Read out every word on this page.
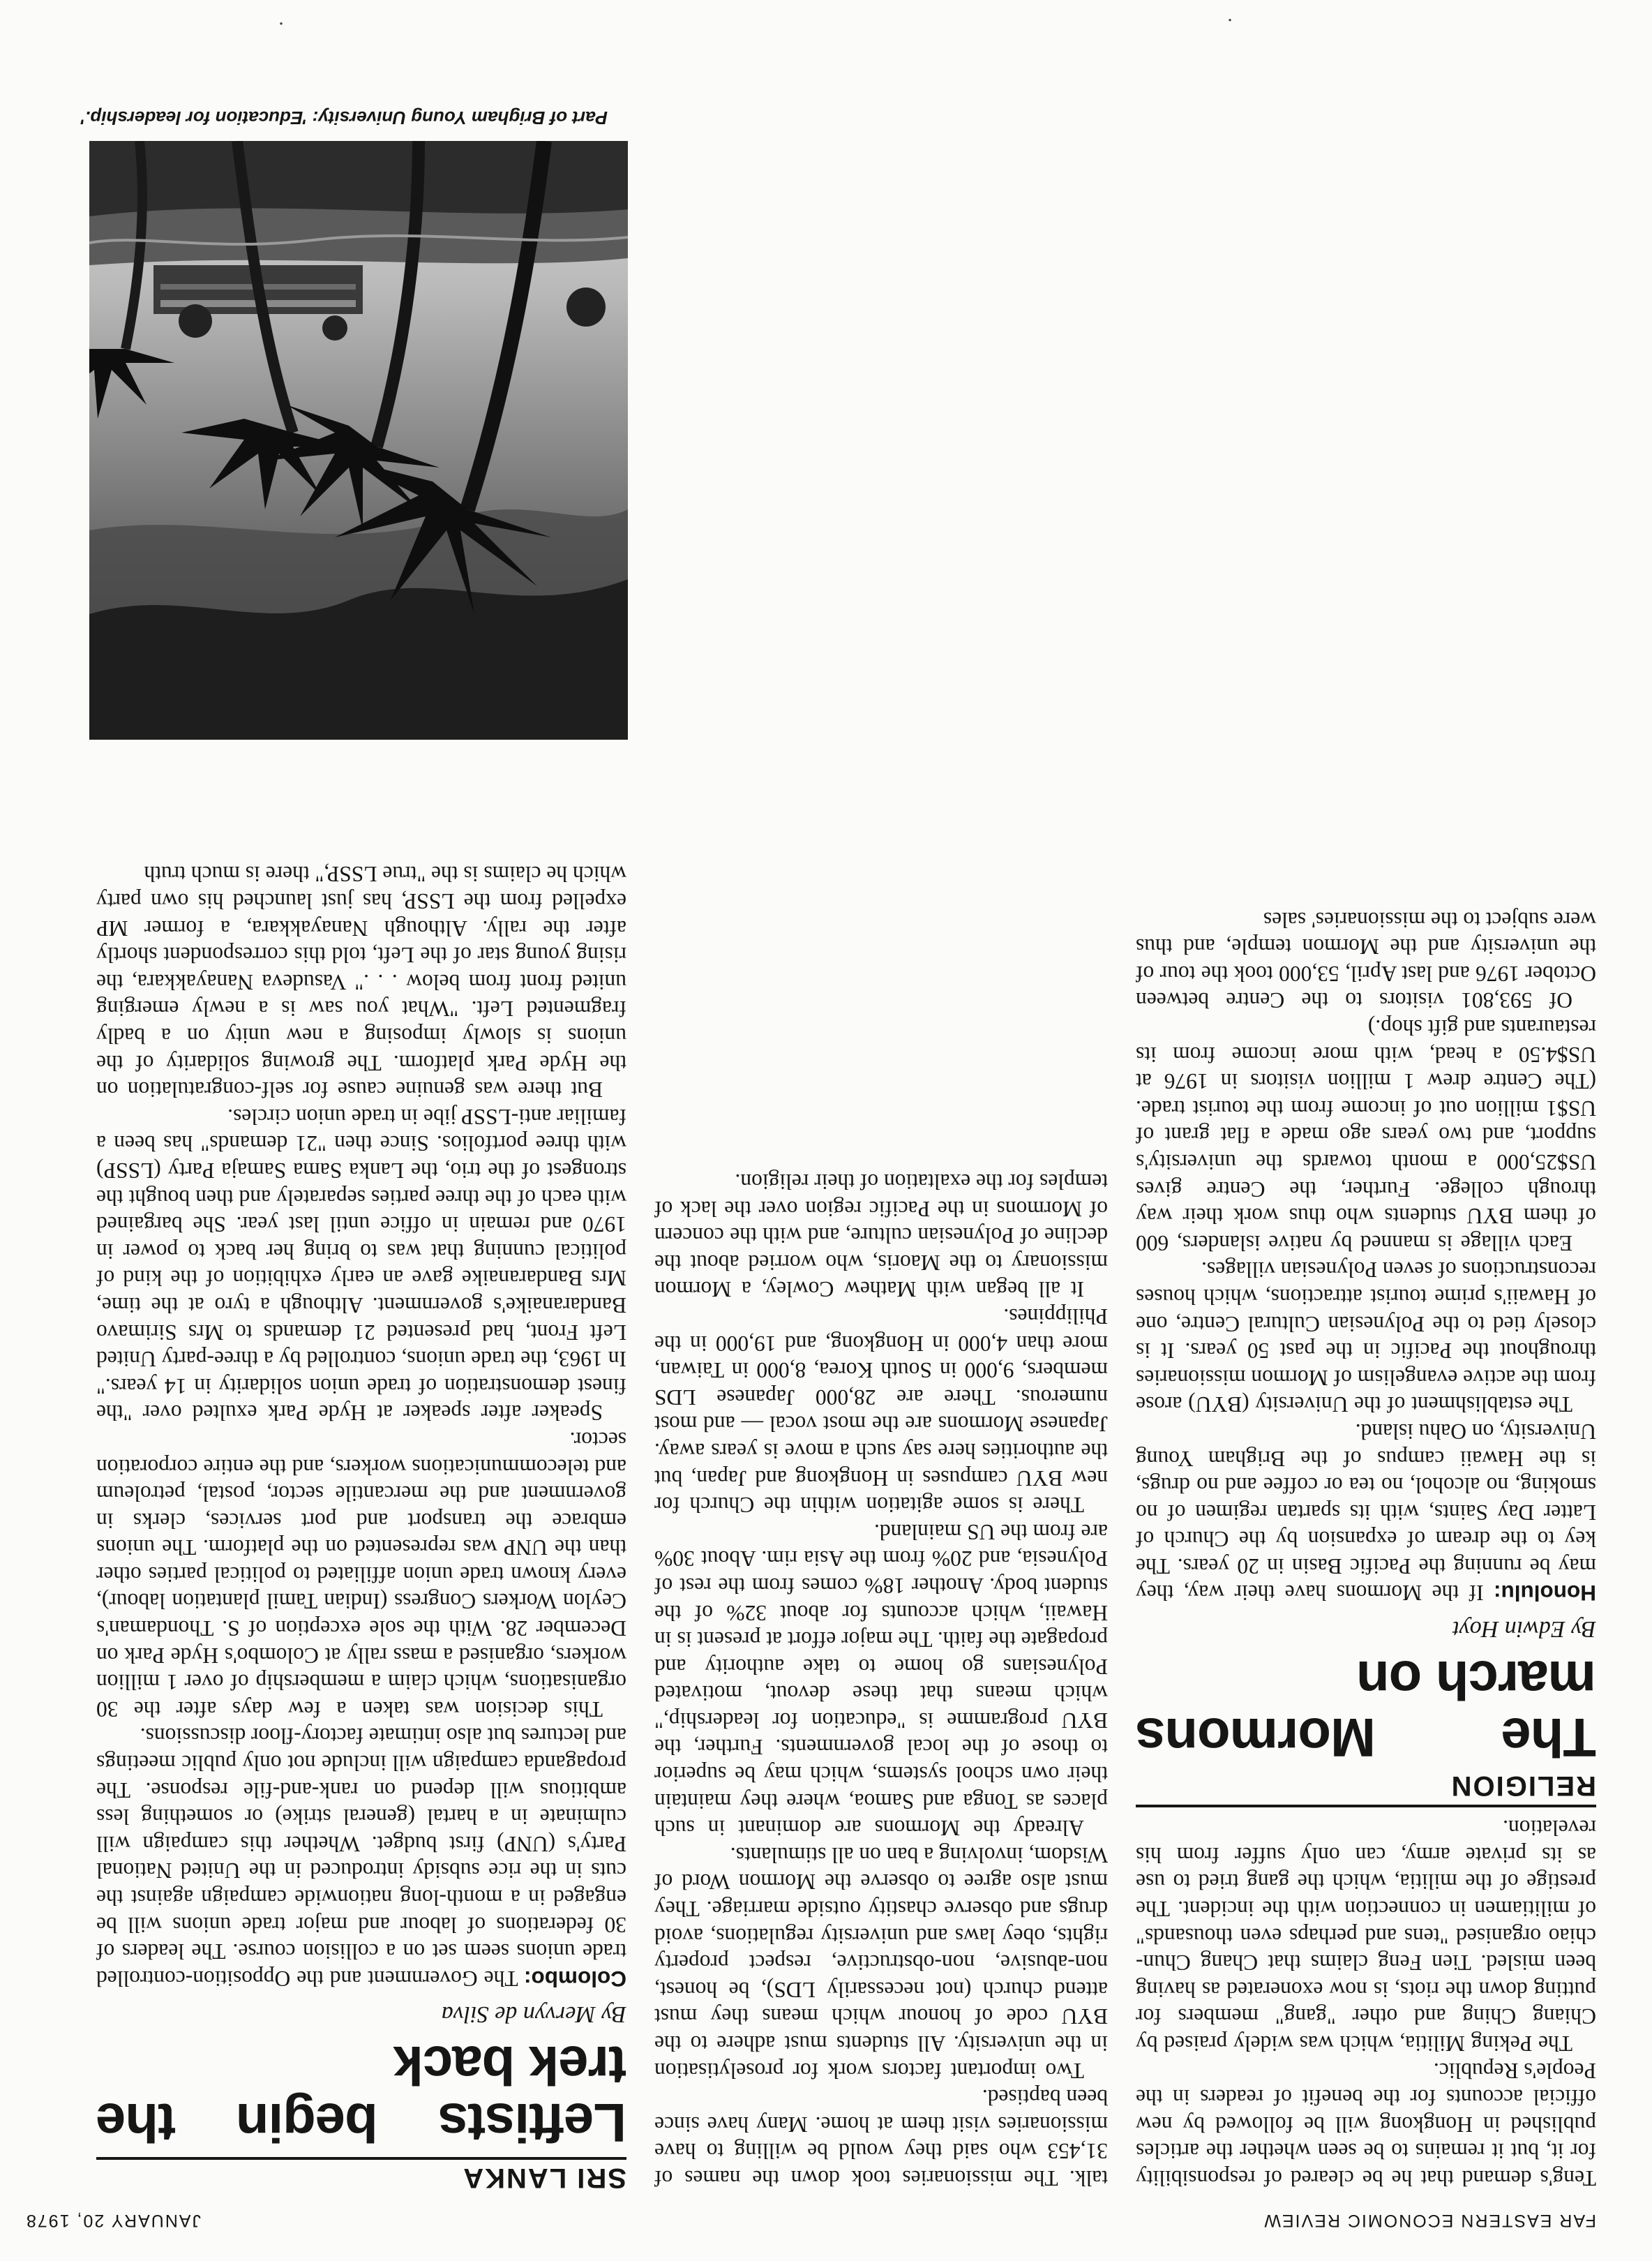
FAR EASTERN ECONOMIC REVIEW
JANUARY 20, 1978
·
·

Teng's demand that he be cleared of responsibility for it, but it remains to be seen whether the articles published in Hongkong will be followed by new official accounts for the benefit of readers in the People's Republic.

The Peking Militia, which was widely praised by Chiang Ching and other "gang" members for putting down the riots, is now exonerated as having been misled. Tien Feng claims that Chang Chun-chiao organised "tens and perhaps even thousands" of militiamen in connection with the incident. The prestige of the militia, which the gang tried to use as its private army, can only suffer from his revelation.

RELIGION
The Mormons march on
By Edwin Hoyt

Honolulu: If the Mormons have their way, they may be running the Pacific Basin in 20 years. The key to the dream of expansion by the Church of Latter Day Saints, with its spartan regimen of no smoking, no alcohol, no tea or coffee and no drugs, is the Hawaii campus of the Brigham Young University, on Oahu island.

The establishment of the University (BYU) arose from the active evangelism of Mormon missionaries throughout the Pacific in the past 50 years. It is closely tied to the Polynesian Cultural Centre, one of Hawaii's prime tourist attractions, which houses reconstructions of seven Polynesian villages.

Each village is manned by native islanders, 600 of them BYU students who thus work their way through college. Further, the Centre gives US$25,000 a month towards the university's support, and two years ago made a flat grant of US$1 million out of income from the tourist trade. (The Centre drew 1 million visitors in 1976 at US$4.50 a head, with more income from its restaurants and gift shop.)

Of 593,801 visitors to the Centre between October 1976 and last April, 53,000 took the tour of the university and the Mormon temple, and thus were subject to the missionaries' sales

talk. The missionaries took down the names of 31,453 who said they would be willing to have missionaries visit them at home. Many have since been baptised.

Two important factors work for proselytisation in the university. All students must adhere to the BYU code of honour which means they must attend church (not necessarily LDS), be honest, non-abusive, non-obstructive, respect property rights, obey laws and university regulations, avoid drugs and observe chastity outside marriage. They must also agree to observe the Mormon Word of Wisdom, involving a ban on all stimulants.

Already the Mormons are dominant in such places as Tonga and Samoa, where they maintain their own school systems, which may be superior to those of the local governments. Further, the BYU programme is "education for leadership," which means that these devout, motivated Polynesians go home to take authority and propagate the faith. The major effort at present is in Hawaii, which accounts for about 32% of the student body. Another 18% comes from the rest of Polynesia, and 20% from the Asia rim. About 30% are from the US mainland.

There is some agitation within the Church for new BYU campuses in Hongkong and Japan, but the authorities here say such a move is years away. Japanese Mormons are the most vocal — and most numerous. There are 28,000 Japanese LDS members, 9,000 in South Korea, 8,000 in Taiwan, more than 4,000 in Hongkong, and 19,000 in the Philippines.

It all began with Mathew Cowley, a Mormon missionary to the Maoris, who worried about the decline of Polynesian culture, and with the concern of Mormons in the Pacific region over the lack of temples for the exaltation of their religion.

SRI LANKA
Leftists begin the trek back
By Mervyn de Silva

Colombo: The Government and the Opposition-controlled trade unions seem set on a collision course. The leaders of 30 federations of labour and major trade unions will be engaged in a month-long nationwide campaign against the cuts in the rice subsidy introduced in the United National Party's (UNP) first budget. Whether this campaign will culminate in a hartal (general strike) or something less ambitious will depend on rank-and-file response. The propaganda campaign will include not only public meetings and lectures but also intimate factory-floor discussions.

This decision was taken a few days after the 30 organisations, which claim a membership of over 1 million workers, organised a mass rally at Colombo's Hyde Park on December 28. With the sole exception of S. Thondaman's Ceylon Workers Congress (Indian Tamil plantation labour), every known trade union affiliated to political parties other than the UNP was represented on the platform. The unions embrace the transport and port services, clerks in government and the mercantile sector, postal, petroleum and telecommunications workers, and the entire corporation sector.

Speaker after speaker at Hyde Park exulted over "the finest demonstration of trade union solidarity in 14 years." In 1963, the trade unions, controlled by a three-party United Left Front, had presented 21 demands to Mrs Sirimavo Bandaranaike's government. Although a tyro at the time, Mrs Bandaranaike gave an early exhibition of the kind of political cunning that was to bring her back to power in 1970 and remain in office until last year. She bargained with each of the three parties separately and then bought the strongest of the trio, the Lanka Sama Samaja Party (LSSP) with three portfolios. Since then "21 demands" has been a familiar anti-LSSP jibe in trade union circles.

But there was genuine cause for self-congratulation on the Hyde Park platform. The growing solidarity of the unions is slowly imposing a new unity on a badly fragmented Left. "What you saw is a newly emerging united front from below . . ." Vasudeva Nanayakkara, the rising young star of the Left, told this correspondent shortly after the rally. Although Nanayakkara, a former MP expelled from the LSSP, has just launched his own party which he claims is the "true LSSP," there is much truth

Part of Brigham Young University: 'Education for leadership.'
